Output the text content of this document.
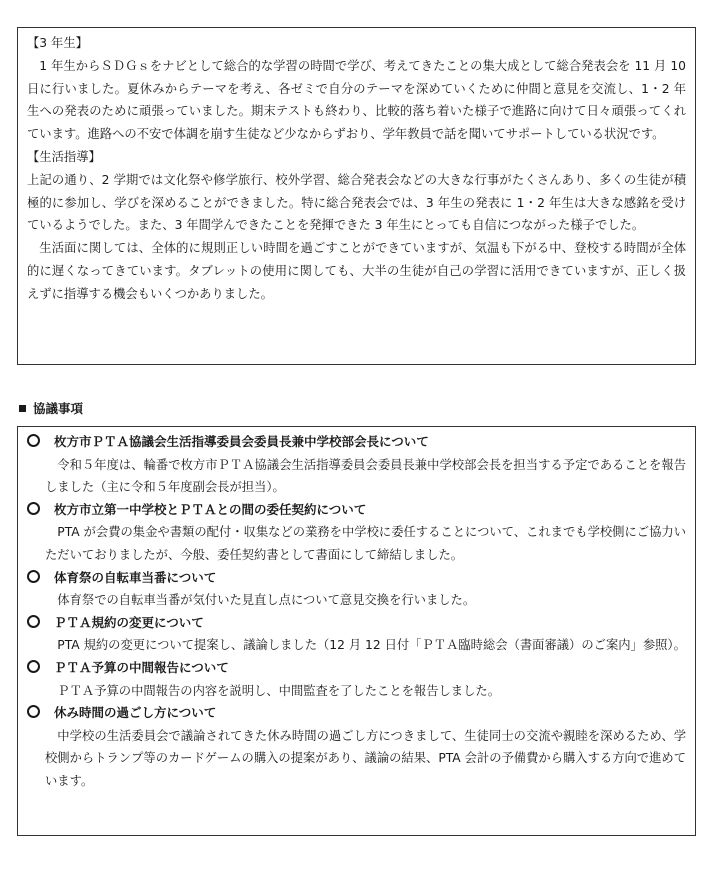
【3 年生】

1 年生からＳＤＧｓをナビとして総合的な学習の時間で学び、考えてきたことの集大成として総合発表会を 11 月 10 日に行いました。夏休みからテーマを考え、各ゼミで自分のテーマを深めていくために仲間と意見を交流し、1・2 年生への発表のために頑張っていました。期末テストも終わり、比較的落ち着いた様子で進路に向けて日々頑張ってくれています。進路への不安で体調を崩す生徒など少なからずおり、学年教員で話を聞いてサポートしている状況です。

【生活指導】

上記の通り、2 学期では文化祭や修学旅行、校外学習、総合発表会などの大きな行事がたくさんあり、多くの生徒が積極的に参加し、学びを深めることができました。特に総合発表会では、3 年生の発表に 1・2 年生は大きな感銘を受けているようでした。また、3 年間学んできたことを発揮できた 3 年生にとっても自信につながった様子でした。

生活面に関しては、全体的に規則正しい時間を過ごすことができていますが、気温も下がる中、登校する時間が全体的に遅くなってきています。タブレットの使用に関しても、大半の生徒が自己の学習に活用できていますが、正しく扱えずに指導する機会もいくつかありました。

協議事項

枚方市ＰＴＡ協議会生活指導委員会委員長兼中学校部会長について

令和５年度は、輪番で枚方市ＰＴＡ協議会生活指導委員会委員長兼中学校部会長を担当する予定であることを報告しました（主に令和５年度副会長が担当）。

枚方市立第一中学校とＰＴＡとの間の委任契約について

PTA が会費の集金や書類の配付・収集などの業務を中学校に委任することについて、これまでも学校側にご協力いただいておりましたが、今般、委任契約書として書面にして締結しました。

体育祭の自転車当番について

体育祭での自転車当番が気付いた見直し点について意見交換を行いました。

ＰＴＡ規約の変更について

PTA 規約の変更について提案し、議論しました（12 月 12 日付「ＰＴＡ臨時総会（書面審議）のご案内」参照）。

ＰＴＡ予算の中間報告について

ＰＴＡ予算の中間報告の内容を説明し、中間監査を了したことを報告しました。

休み時間の過ごし方について

中学校の生活委員会で議論されてきた休み時間の過ごし方につきまして、生徒同士の交流や親睦を深めるため、学校側からトランプ等のカードゲームの購入の提案があり、議論の結果、PTA 会計の予備費から購入する方向で進めています。
